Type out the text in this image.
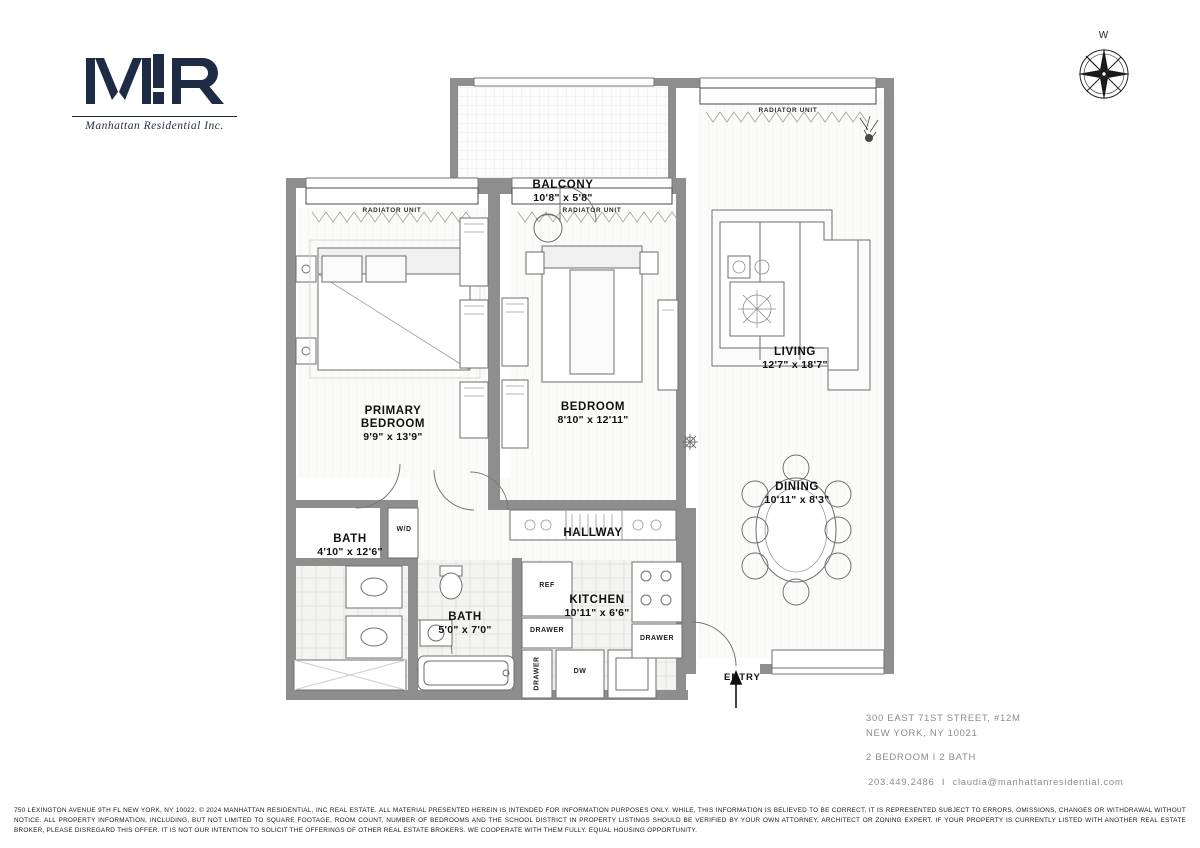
Manhattan Residential Inc.
W
BALCONY
10'8" x 5'8"
PRIMARY
BEDROOM
9'9" x 13'9"
BEDROOM
8'10" x 12'11"
LIVING
12'7" x 18'7"
DINING
10'11" x 8'3"
BATH
4'10" x 12'6"
BATH
5'0" x 7'0"
KITCHEN
10'11" x 6'6"
HALLWAY
RADIATOR UNIT
RADIATOR UNIT	RADIATOR UNIT
W/D
REF
DW
DRAWER
DRAWER
DRAWER
ENTRY
300 EAST 71ST STREET, #12M
NEW YORK, NY 10021
2 BEDROOM I 2 BATH
203.449.2486 I claudia@manhattanresidential.com
750 LEXINGTON AVENUE 9TH FL NEW YORK, NY 10022. © 2024 MANHATTAN RESIDENTIAL, INC REAL ESTATE. ALL MATERIAL PRESENTED HEREIN IS INTENDED FOR INFORMATION PURPOSES ONLY. WHILE, THIS INFORMATION IS BELIEVED TO BE CORRECT, IT IS REPRESENTED SUBJECT TO ERRORS, OMISSIONS, CHANGES OR WITHDRAWAL WITHOUT NOTICE. ALL PROPERTY INFORMATION, INCLUDING, BUT NOT LIMITED TO SQUARE FOOTAGE, ROOM COUNT, NUMBER OF BEDROOMS AND THE SCHOOL DISTRICT IN PROPERTY LISTINGS SHOULD BE VERIFIED BY YOUR OWN ATTORNEY, ARCHITECT OR ZONING EXPERT. IF YOUR PROPERTY IS CURRENTLY LISTED WITH ANOTHER REAL ESTATE BROKER, PLEASE DISREGARD THIS OFFER. IT IS NOT OUR INTENTION TO SOLICIT THE OFFERINGS OF OTHER REAL ESTATE BROKERS. WE COOPERATE WITH THEM FULLY. EQUAL HOUSING OPPORTUNITY.
